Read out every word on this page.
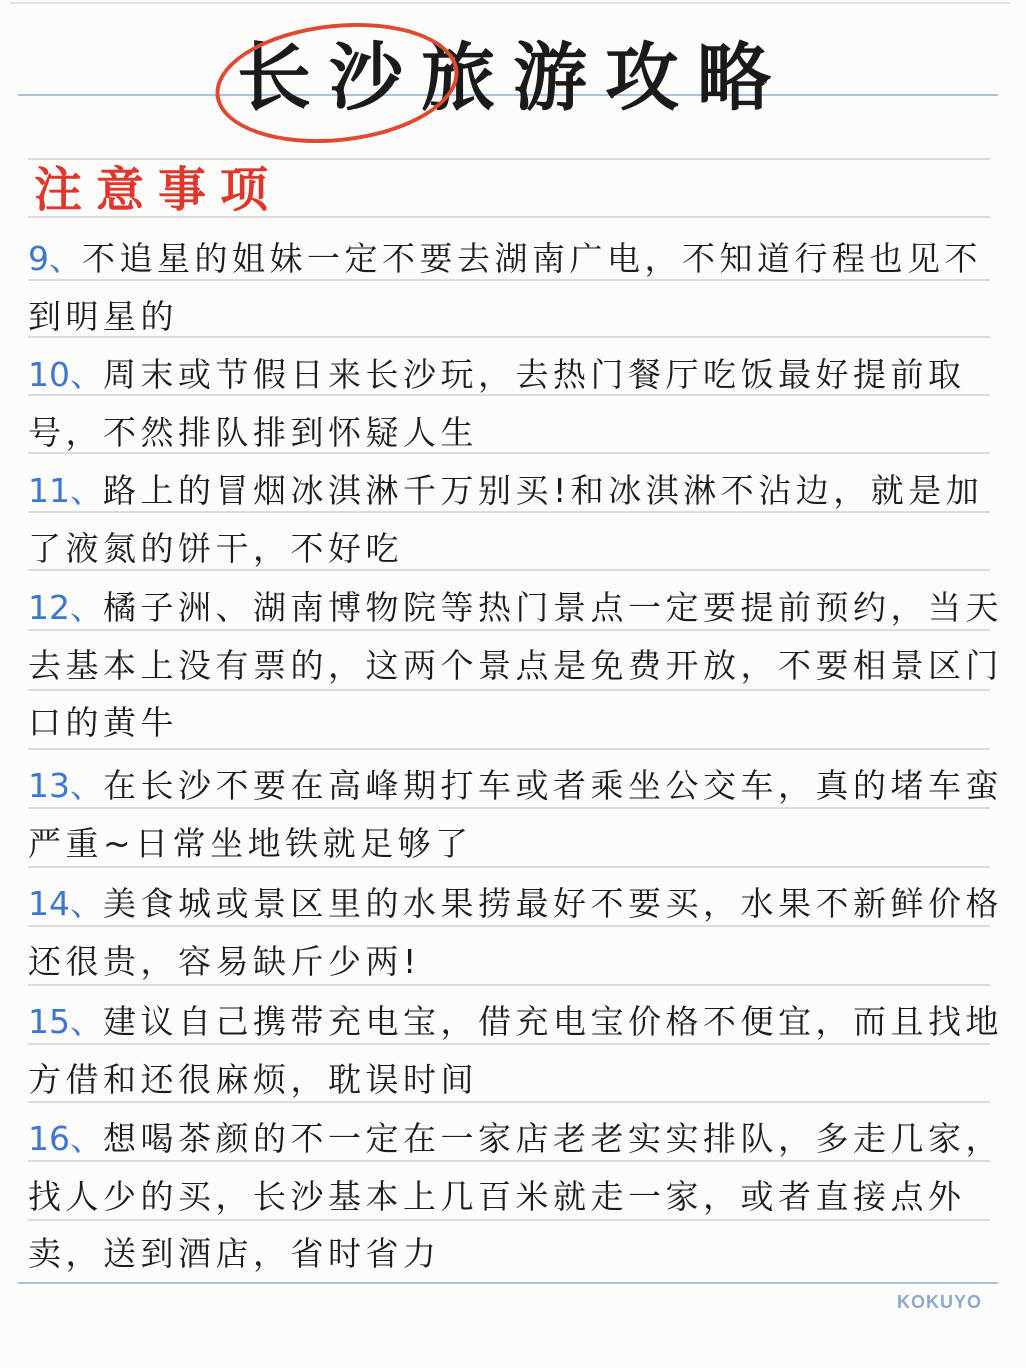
长沙旅游攻略
注意事项
9、不追星的姐妹一定不要去湖南广电，不知道行程也见不到明星的
10、周末或节假日来长沙玩，去热门餐厅吃饭最好提前取号，不然排队排到怀疑人生
11、路上的冒烟冰淇淋千万别买!和冰淇淋不沾边，就是加了液氮的饼干，不好吃
12、橘子洲、湖南博物院等热门景点一定要提前预约，当天去基本上没有票的，这两个景点是免费开放，不要相景区门口的黄牛
13、在长沙不要在高峰期打车或者乘坐公交车，真的堵车蛮严重~日常坐地铁就足够了
14、美食城或景区里的水果捞最好不要买，水果不新鲜价格还很贵，容易缺斤少两!
15、建议自己携带充电宝，借充电宝价格不便宜，而且找地方借和还很麻烦，耽误时间
16、想喝茶颜的不一定在一家店老老实实排队，多走几家，找人少的买，长沙基本上几百米就走一家，或者直接点外卖，送到酒店，省时省力
KOKUYO
